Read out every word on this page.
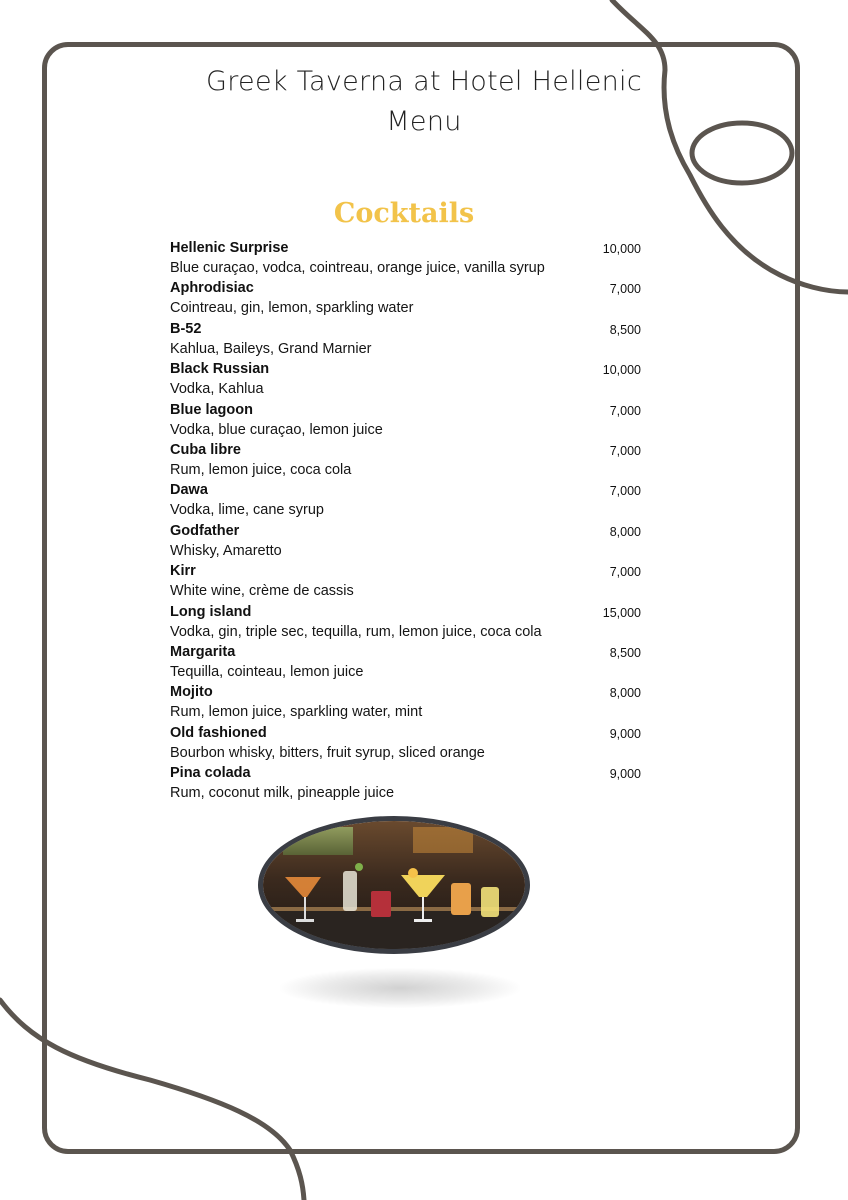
Greek Taverna at Hotel Hellenic
Menu
Cocktails
Hellenic Surprise	10,000
Blue curaçao, vodca, cointreau, orange juice, vanilla syrup
Aphrodisiac	7,000
Cointreau, gin, lemon, sparkling water
B-52	8,500
Kahlua, Baileys, Grand Marnier
Black Russian	10,000
Vodka, Kahlua
Blue lagoon	7,000
Vodka, blue curaçao, lemon juice
Cuba libre	7,000
Rum, lemon juice, coca cola
Dawa	7,000
Vodka, lime, cane syrup
Godfather	8,000
Whisky, Amaretto
Kirr	7,000
White wine, crème de cassis
Long island	15,000
Vodka, gin, triple sec, tequilla, rum, lemon juice, coca cola
Margarita	8,500
Tequilla, cointeau, lemon juice
Mojito	8,000
Rum, lemon juice, sparkling water, mint
Old fashioned	9,000
Bourbon whisky, bitters, fruit syrup, sliced orange
Pina colada	9,000
Rum, coconut milk, pineapple juice
